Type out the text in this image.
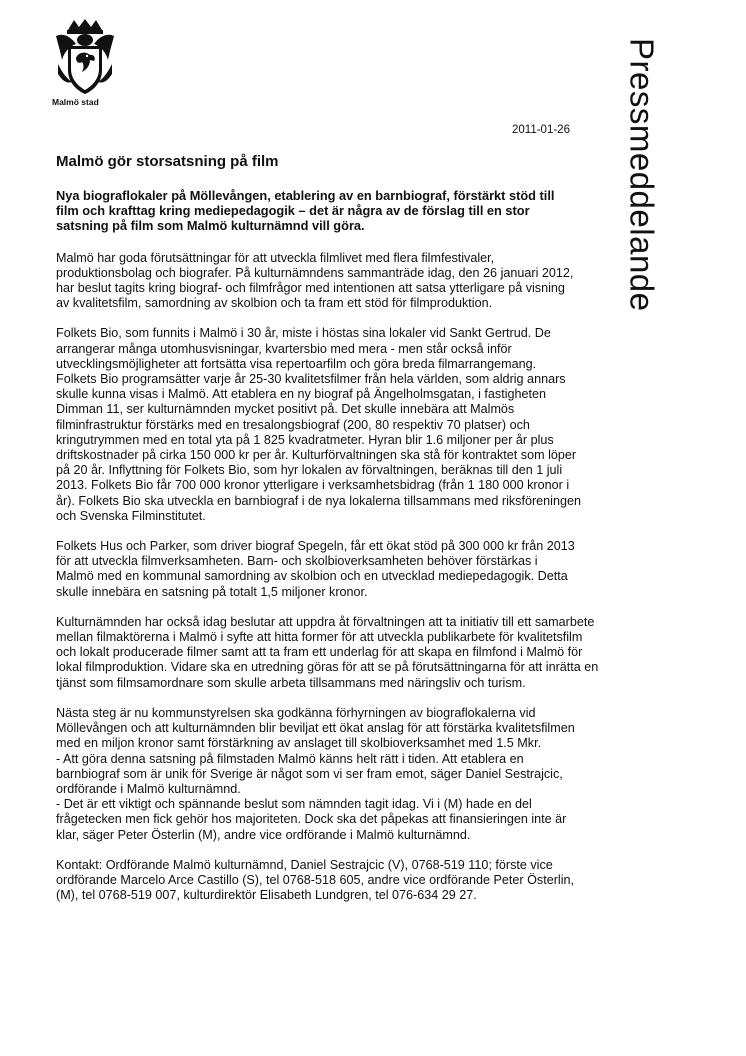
Malmö stad	Pressmeddelande
2011-01-26
Malmö gör storsatsning på film
Nya biograflokaler på Möllevången, etablering av en barnbiograf, förstärkt stöd till
film och krafttag kring mediepedagogik – det är några av de förslag till en stor
satsning på film som Malmö kulturnämnd vill göra.
Malmö har goda förutsättningar för att utveckla filmlivet med flera filmfestivaler,
produktionsbolag och biografer. På kulturnämndens sammanträde idag, den 26 januari 2012,
har beslut tagits kring biograf- och filmfrågor med intentionen att satsa ytterligare på visning
av kvalitetsfilm, samordning av skolbion och ta fram ett stöd för filmproduktion.
Folkets Bio, som funnits i Malmö i 30 år, miste i höstas sina lokaler vid Sankt Gertrud. De
arrangerar många utomhusvisningar, kvartersbio med mera - men står också inför
utvecklingsmöjligheter att fortsätta visa repertoarfilm och göra breda filmarrangemang.
Folkets Bio programsätter varje år 25-30 kvalitetsfilmer från hela världen, som aldrig annars
skulle kunna visas i Malmö. Att etablera en ny biograf på Ängelholmsgatan, i fastigheten
Dimman 11, ser kulturnämnden mycket positivt på. Det skulle innebära att Malmös
filminfrastruktur förstärks med en tresalongsbiograf (200, 80 respektiv 70 platser) och
kringutrymmen med en total yta på 1 825 kvadratmeter. Hyran blir 1.6 miljoner per år plus
driftskostnader på cirka 150 000 kr per år. Kulturförvaltningen ska stå för kontraktet som löper
på 20 år. Inflyttning för Folkets Bio, som hyr lokalen av förvaltningen, beräknas till den 1 juli
2013. Folkets Bio får 700 000 kronor ytterligare i verksamhetsbidrag (från 1 180 000 kronor i
år). Folkets Bio ska utveckla en barnbiograf i de nya lokalerna tillsammans med riksföreningen
och Svenska Filminstitutet.
Folkets Hus och Parker, som driver biograf Spegeln, får ett ökat stöd på 300 000 kr från 2013
för att utveckla filmverksamheten. Barn- och skolbioverksamheten behöver förstärkas i
Malmö med en kommunal samordning av skolbion och en utvecklad mediepedagogik. Detta
skulle innebära en satsning på totalt 1,5 miljoner kronor.
Kulturnämnden har också idag beslutar att uppdra åt förvaltningen att ta initiativ till ett samarbete
mellan filmaktörerna i Malmö i syfte att hitta former för att utveckla publikarbete för kvalitetsfilm
och lokalt producerade filmer samt att ta fram ett underlag för att skapa en filmfond i Malmö för
lokal filmproduktion. Vidare ska en utredning göras för att se på förutsättningarna för att inrätta en
tjänst som filmsamordnare som skulle arbeta tillsammans med näringsliv och turism.
Nästa steg är nu kommunstyrelsen ska godkänna förhyrningen av biograflokalerna vid
Möllevången och att kulturnämnden blir beviljat ett ökat anslag för att förstärka kvalitetsfilmen
med en miljon kronor samt förstärkning av anslaget till skolbioverksamhet med 1.5 Mkr.
- Att göra denna satsning på filmstaden Malmö känns helt rätt i tiden. Att etablera en
barnbiograf som är unik för Sverige är något som vi ser fram emot, säger Daniel Sestrajcic,
ordförande i Malmö kulturnämnd.
- Det är ett viktigt och spännande beslut som nämnden tagit idag. Vi i (M) hade en del
frågetecken men fick gehör hos majoriteten. Dock ska det påpekas att finansieringen inte är
klar, säger Peter Österlin (M), andre vice ordförande i Malmö kulturnämnd.
Kontakt: Ordförande Malmö kulturnämnd, Daniel Sestrajcic (V), 0768-519 110; förste vice
ordförande Marcelo Arce Castillo (S), tel 0768-518 605, andre vice ordförande Peter Österlin,
(M), tel 0768-519 007, kulturdirektör Elisabeth Lundgren, tel 076-634 29 27.
